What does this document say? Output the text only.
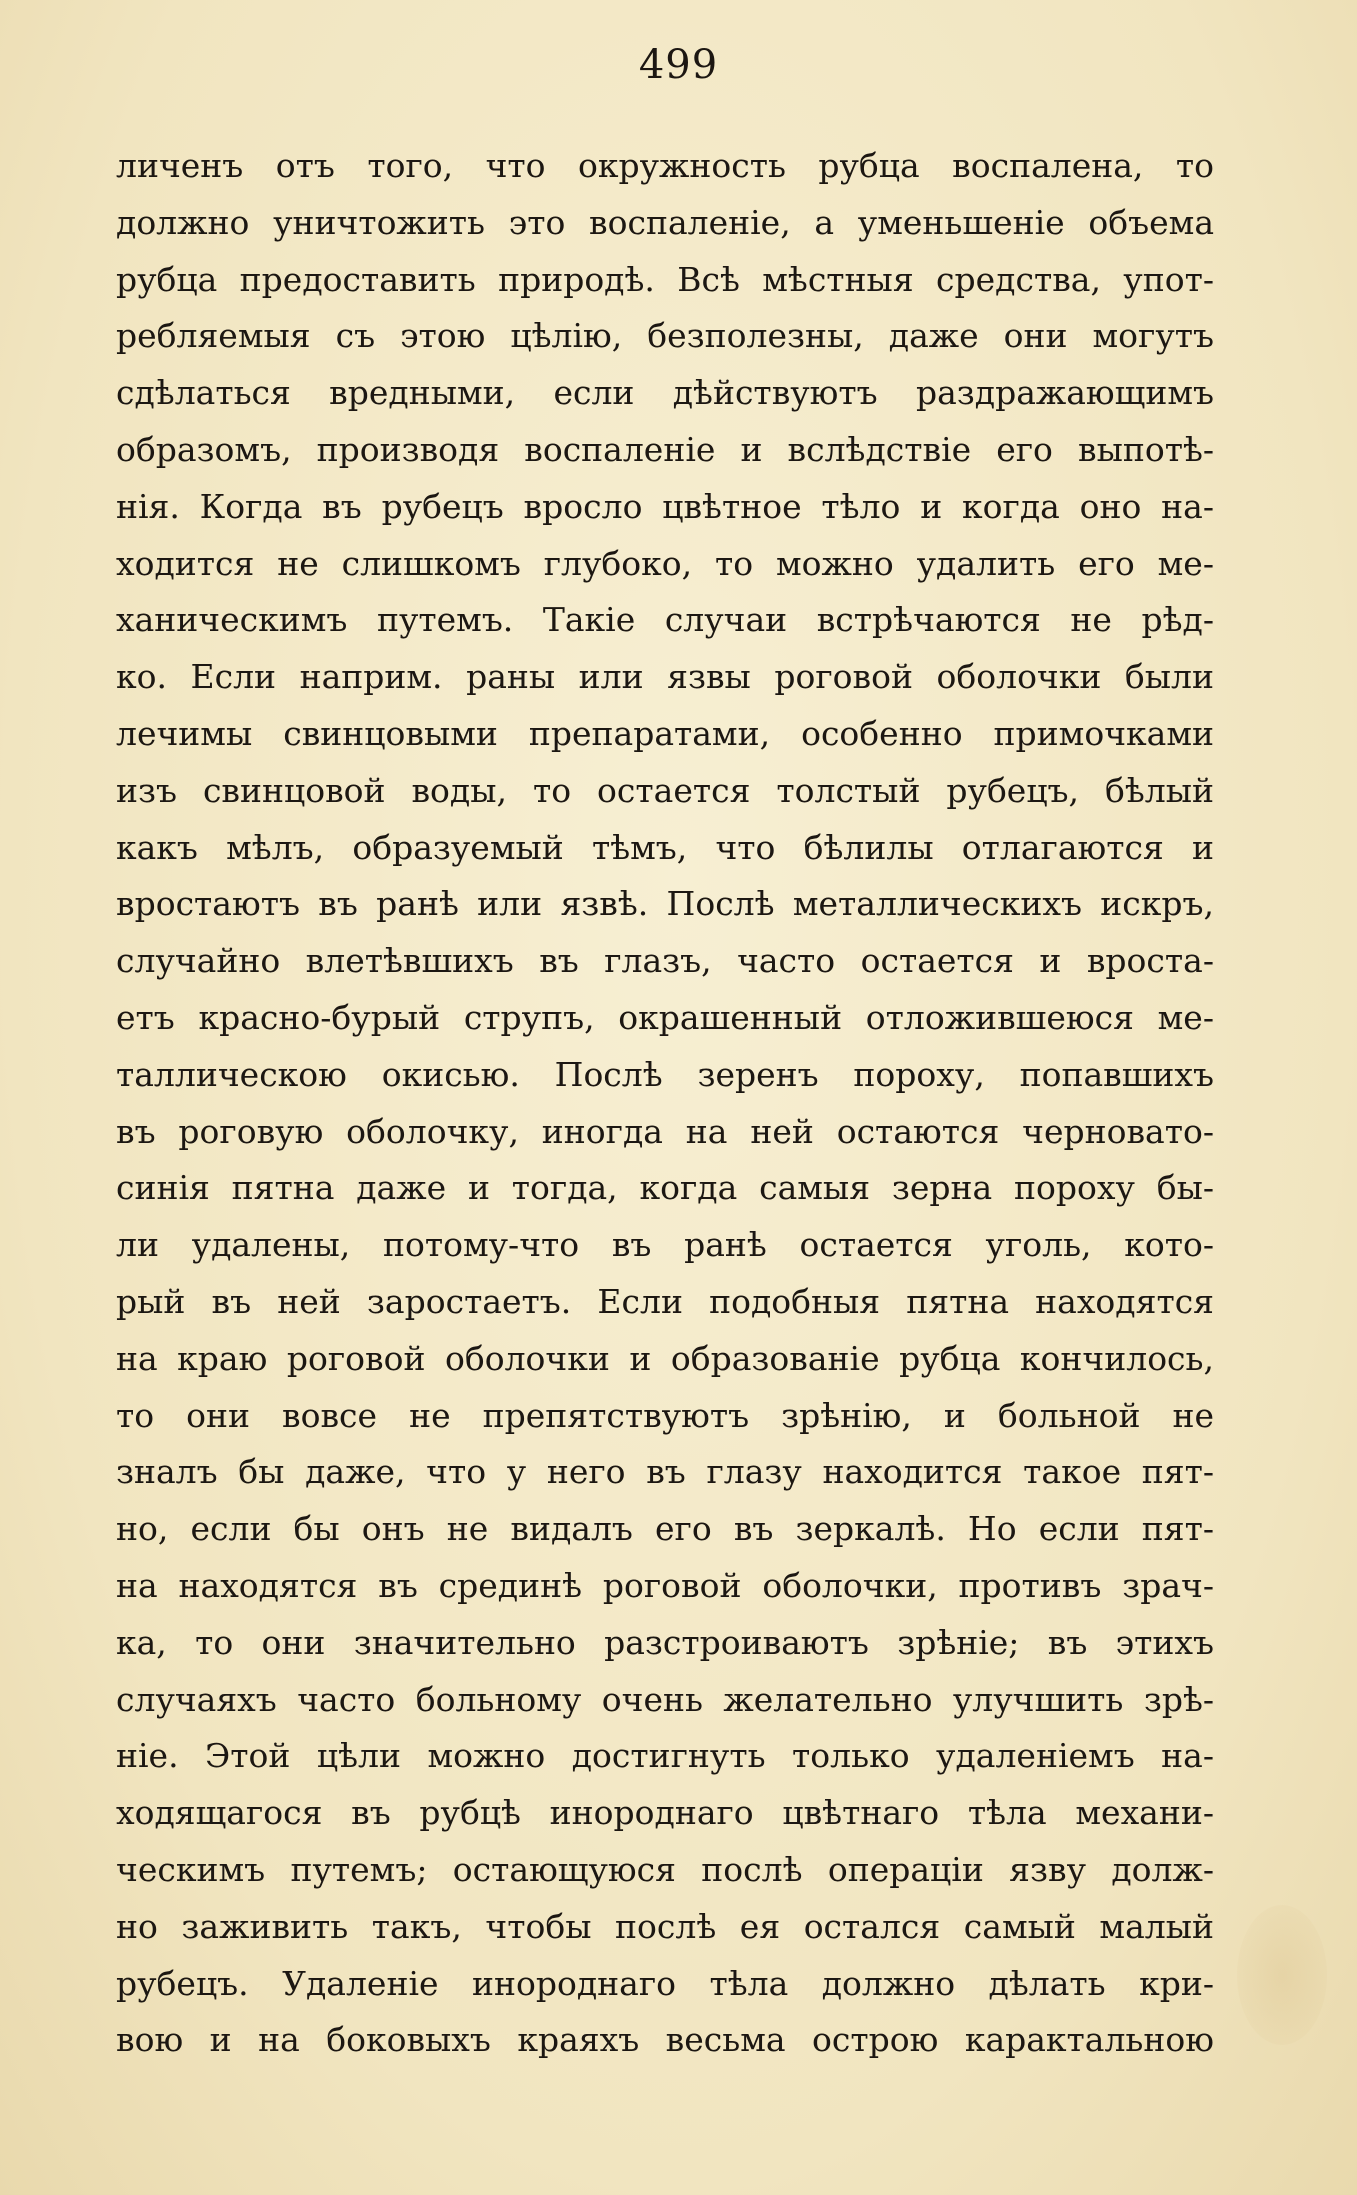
499
личенъ отъ того, что окружность рубца воспалена, то
должно уничтожить это воспаленіе, а уменьшеніе объема
рубца предоставить природѣ. Всѣ мѣстныя средства, упот-
ребляемыя съ этою цѣлію, безполезны, даже они могутъ
сдѣлаться вредными, если дѣйствуютъ раздражающимъ
образомъ, производя воспаленіе и вслѣдствіе его выпотѣ-
нія. Когда въ рубецъ вросло цвѣтное тѣло и когда оно на-
ходится не слишкомъ глубоко, то можно удалить его ме-
ханическимъ путемъ. Такіе случаи встрѣчаются не рѣд-
ко. Если наприм. раны или язвы роговой оболочки были
лечимы свинцовыми препаратами, особенно примочками
изъ свинцовой воды, то остается толстый рубецъ, бѣлый
какъ мѣлъ, образуемый тѣмъ, что бѣлилы отлагаются и
вростаютъ въ ранѣ или язвѣ. Послѣ металлическихъ искръ,
случайно влетѣвшихъ въ глазъ, часто остается и вроста-
етъ красно-бурый струпъ, окрашенный отложившеюся ме-
таллическою окисью. Послѣ зеренъ пороху, попавшихъ
въ роговую оболочку, иногда на ней остаются черновато-
синія пятна даже и тогда, когда самыя зерна пороху бы-
ли удалены, потому-что въ ранѣ остается уголь, кото-
рый въ ней заростаетъ. Если подобныя пятна находятся
на краю роговой оболочки и образованіе рубца кончилось,
то они вовсе не препятствуютъ зрѣнію, и больной не
зналъ бы даже, что у него въ глазу находится такое пят-
но, если бы онъ не видалъ его въ зеркалѣ. Но если пят-
на находятся въ срединѣ роговой оболочки, противъ зрач-
ка, то они значительно разстроиваютъ зрѣніе; въ этихъ
случаяхъ часто больному очень желательно улучшить зрѣ-
ніе. Этой цѣли можно достигнуть только удаленіемъ на-
ходящагося въ рубцѣ инороднаго цвѣтнаго тѣла механи-
ческимъ путемъ; остающуюся послѣ операціи язву долж-
но заживить такъ, чтобы послѣ ея остался самый малый
рубецъ. Удаленіе инороднаго тѣла должно дѣлать кри-
вою и на боковыхъ краяхъ весьма острою карактальною
